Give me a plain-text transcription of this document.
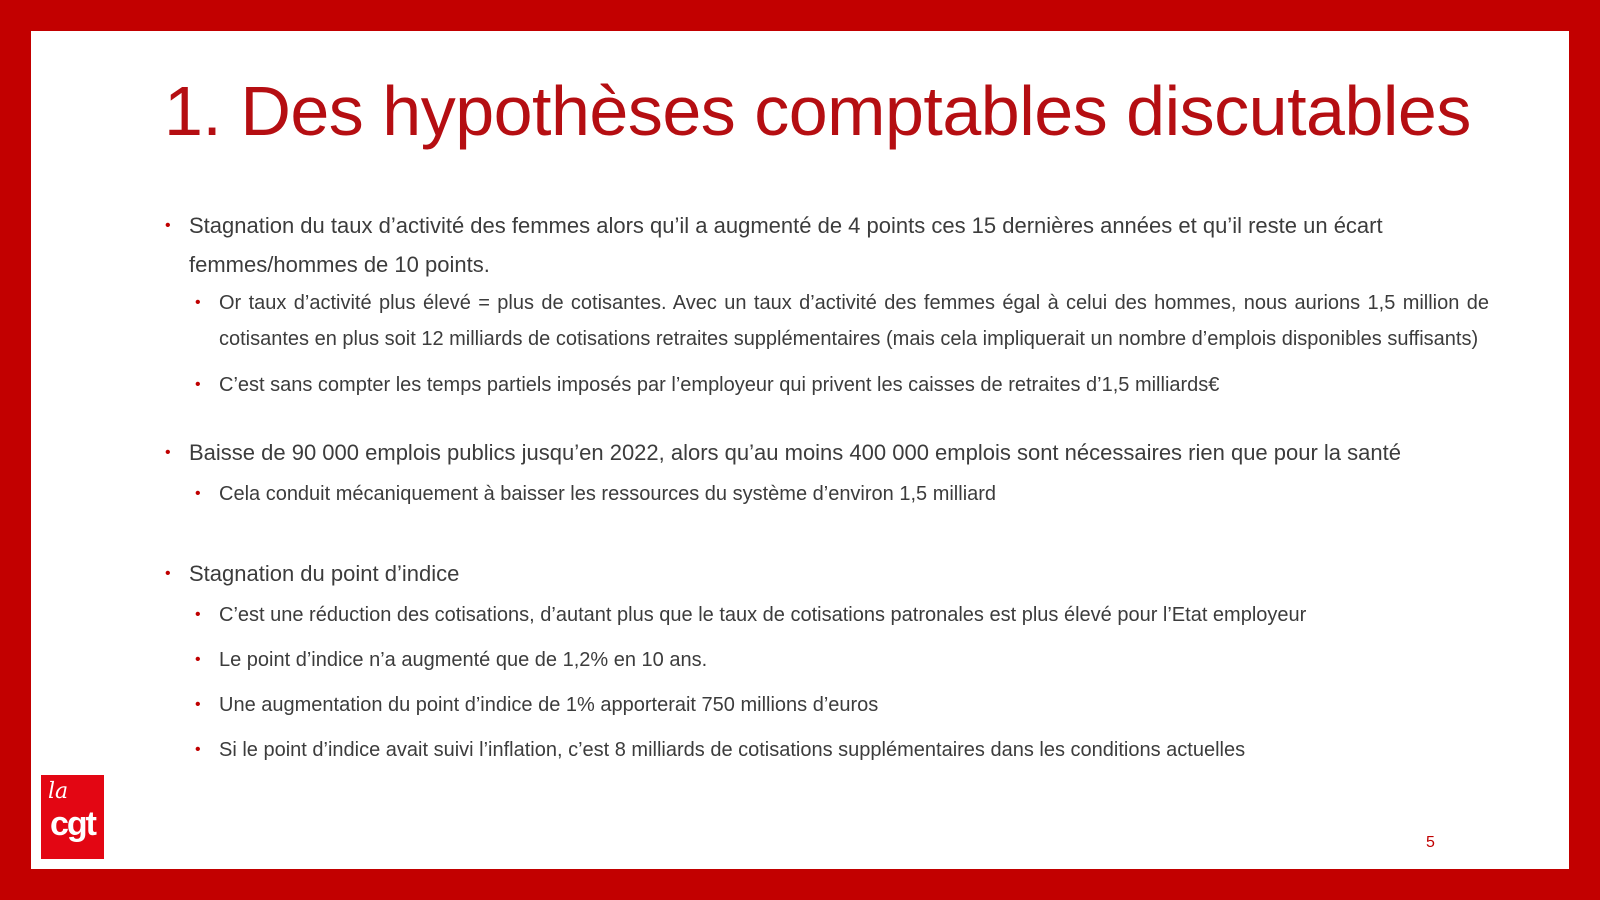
1. Des hypothèses comptables discutables
• Stagnation du taux d’activité des femmes alors qu’il a augmenté de 4 points ces 15 dernières années et qu’il reste un écart femmes/hommes de 10 points.
• Or taux d’activité plus élevé = plus de cotisantes. Avec un taux d’activité des femmes égal à celui des hommes, nous aurions 1,5 million de cotisantes en plus soit 12 milliards de cotisations retraites supplémentaires (mais cela impliquerait un nombre d’emplois disponibles suffisants)
• C’est sans compter les temps partiels imposés par l’employeur qui privent les caisses de retraites d’1,5 milliards€
• Baisse de 90 000 emplois publics jusqu’en 2022, alors qu’au moins 400 000 emplois sont nécessaires rien que pour la santé
• Cela conduit mécaniquement à baisser les ressources du système d’environ 1,5 milliard
• Stagnation du point d’indice
• C’est une réduction des cotisations, d’autant plus que le taux de cotisations patronales est plus élevé pour l’Etat employeur
• Le point d’indice n’a augmenté que de 1,2% en 10 ans.
• Une augmentation du point d’indice de 1% apporterait 750 millions d’euros
• Si le point d’indice avait suivi l’inflation, c’est 8 milliards de cotisations supplémentaires dans les conditions actuelles
la
cgt	5
